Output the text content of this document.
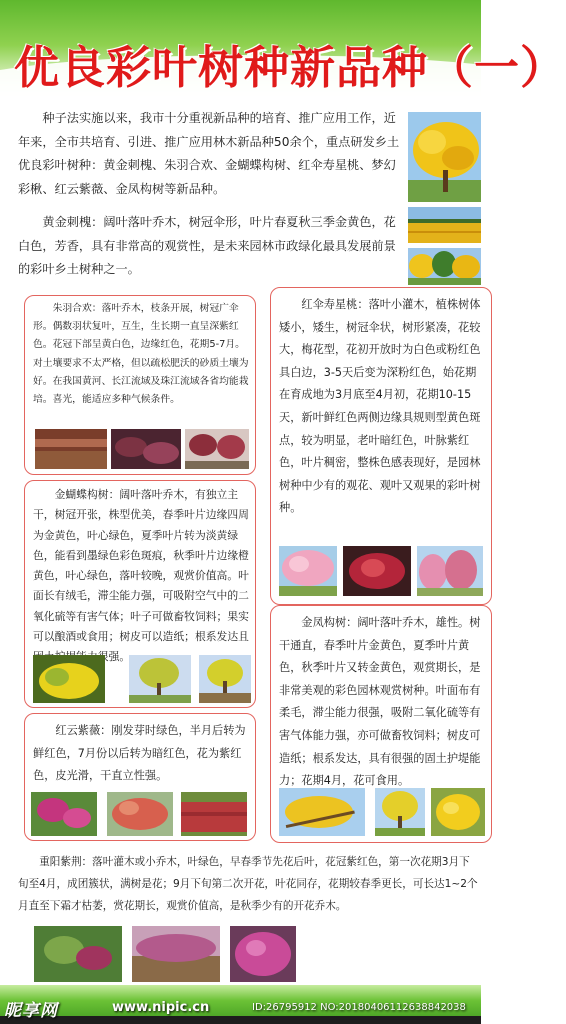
优良彩叶树种新品种（一）
种子法实施以来，我市十分重视新品种的培育、推广应用工作，近年来，全市共培育、引进、推广应用林木新品种50余个，重点研发乡土优良彩叶树种：黄金刺槐、朱羽合欢、金蝴蝶构树、红伞寿星桃、梦幻彩楸、红云紫薇、金凤构树等新品种。
黄金刺槐：阔叶落叶乔木，树冠伞形，叶片春夏秋三季金黄色，花白色，芳香，具有非常高的观赏性，是未来园林市政绿化最具发展前景的彩叶乡土树种之一。
朱羽合欢：落叶乔木，枝条开展，树冠广伞形。偶数羽状复叶，互生，生长期一直呈深紫红色。花冠下部呈黄白色，边缘红色，花期5-7月。对土壤要求不太严格，但以疏松肥沃的砂质土壤为好。在我国黄河、长江流域及珠江流域各省均能栽培。喜光，能适应多种气候条件。
红伞寿星桃：落叶小灌木，植株树体矮小，矮生，树冠伞状，树形紧凑，花较大，梅花型，花初开放时为白色或粉红色具白边，3-5天后变为深粉红色，始花期在育成地为3月底至4月初，花期10-15天，新叶鲜红色两侧边缘具规则型黄色斑点，较为明显，老叶暗红色，叶脉紫红色，叶片稠密，整株色感表现好，是园林树种中少有的观花、观叶又观果的彩叶树种。
金蝴蝶构树：阔叶落叶乔木，有独立主干，树冠开张，株型优美，春季叶片边缘四周为金黄色，叶心绿色，夏季叶片转为淡黄绿色，能看到墨绿色彩色斑痕，秋季叶片边缘橙黄色，叶心绿色，落叶较晚，观赏价值高。叶面长有绒毛，滞尘能力强，可吸附空气中的二氧化硫等有害气体；叶子可做畜牧饲料；果实可以酿酒或食用；树皮可以造纸；根系发达且 很强。
金凤构树：阔叶落叶乔木，雄性。树干通直，春季叶片金黄色，夏季叶片黄色，秋季叶片又转金黄色，观赏期长，是非常美观的彩色园林观赏树种。叶面布有柔毛，滞尘能力很强，吸附二氧化硫等有害气体能力强，亦可做畜牧饲料；树皮可造纸；根系发达，具有很强的固土护堤能力；花期4月，花可食用。
红云紫薇：刚发芽时绿色，半月后转为鲜红色，7月份以后转为暗红色，花为紫红色，皮光滑，干直立性强。
重阳紫荆：落叶灌木或小乔木，叶绿色，早春季节先花后叶，花冠紫红色，第一次花期3月下旬至4月，成团簇状，满树是花；9月下旬第二次开花，叶花同存，花期较春季更长，可长达1~2个月直至下霜才枯萎，赏花期长，观赏价值高，是秋季少有的开花乔木。
昵享网	www.nipic.cn	ID:26795912 NO:20180406112638842038
